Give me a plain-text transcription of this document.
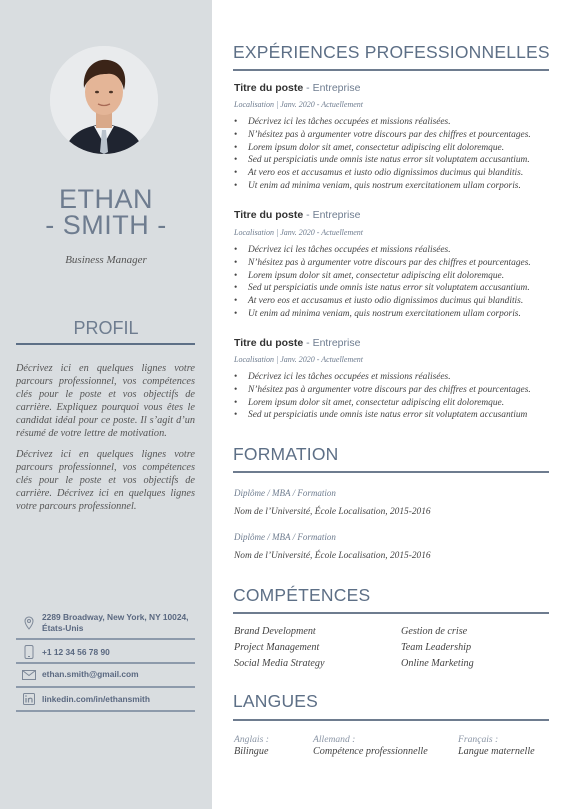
ETHAN
- SMITH -
Business Manager
PROFIL
Décrivez ici en quelques lignes votre parcours professionnel, vos compétences clés pour le poste et vos objectifs de carrière. Expliquez pourquoi vous êtes le candidat idéal pour ce poste. Il s’agit d’un résumé de votre lettre de motivation.
Décrivez ici en quelques lignes votre parcours professionnel, vos compétences clés pour le poste et vos objectifs de carrière. Décrivez ici en quelques lignes votre parcours professionnel.
2289 Broadway, New York, NY 10024,
États-Unis
+1 12 34 56 78 90
ethan.smith@gmail.com
linkedin.com/in/ethansmith
EXPÉRIENCES PROFESSIONNELLES
Titre du poste - Entreprise
Localisation | Janv. 2020 - Actuellement
• Décrivez ici les tâches occupées et missions réalisées.
• N’hésitez pas à argumenter votre discours par des chiffres et pourcentages.
• Lorem ipsum dolor sit amet, consectetur adipiscing elit doloremque.
• Sed ut perspiciatis unde omnis iste natus error sit voluptatem accusantium.
• At vero eos et accusamus et iusto odio dignissimos ducimus qui blanditis.
• Ut enim ad minima veniam, quis nostrum exercitationem ullam corporis.
Titre du poste - Entreprise
Localisation | Janv. 2020 - Actuellement
• Décrivez ici les tâches occupées et missions réalisées.
• N’hésitez pas à argumenter votre discours par des chiffres et pourcentages.
• Lorem ipsum dolor sit amet, consectetur adipiscing elit doloremque.
• Sed ut perspiciatis unde omnis iste natus error sit voluptatem accusantium.
• At vero eos et accusamus et iusto odio dignissimos ducimus qui blanditis.
• Ut enim ad minima veniam, quis nostrum exercitationem ullam corporis.
Titre du poste - Entreprise
Localisation | Janv. 2020 - Actuellement
• Décrivez ici les tâches occupées et missions réalisées.
• N’hésitez pas à argumenter votre discours par des chiffres et pourcentages.
• Lorem ipsum dolor sit amet, consectetur adipiscing elit doloremque.
• Sed ut perspiciatis unde omnis iste natus error sit voluptatem accusantium
FORMATION
Diplôme / MBA / Formation
Nom de l’Université, École Localisation, 2015-2016
Diplôme / MBA / Formation
Nom de l’Université, École Localisation, 2015-2016
COMPÉTENCES
Brand Development	Gestion de crise
Project Management	Team Leadership
Social Media Strategy	Online Marketing
LANGUES
Anglais :
Bilingue
Allemand :
Compétence professionnelle
Français :
Langue maternelle
